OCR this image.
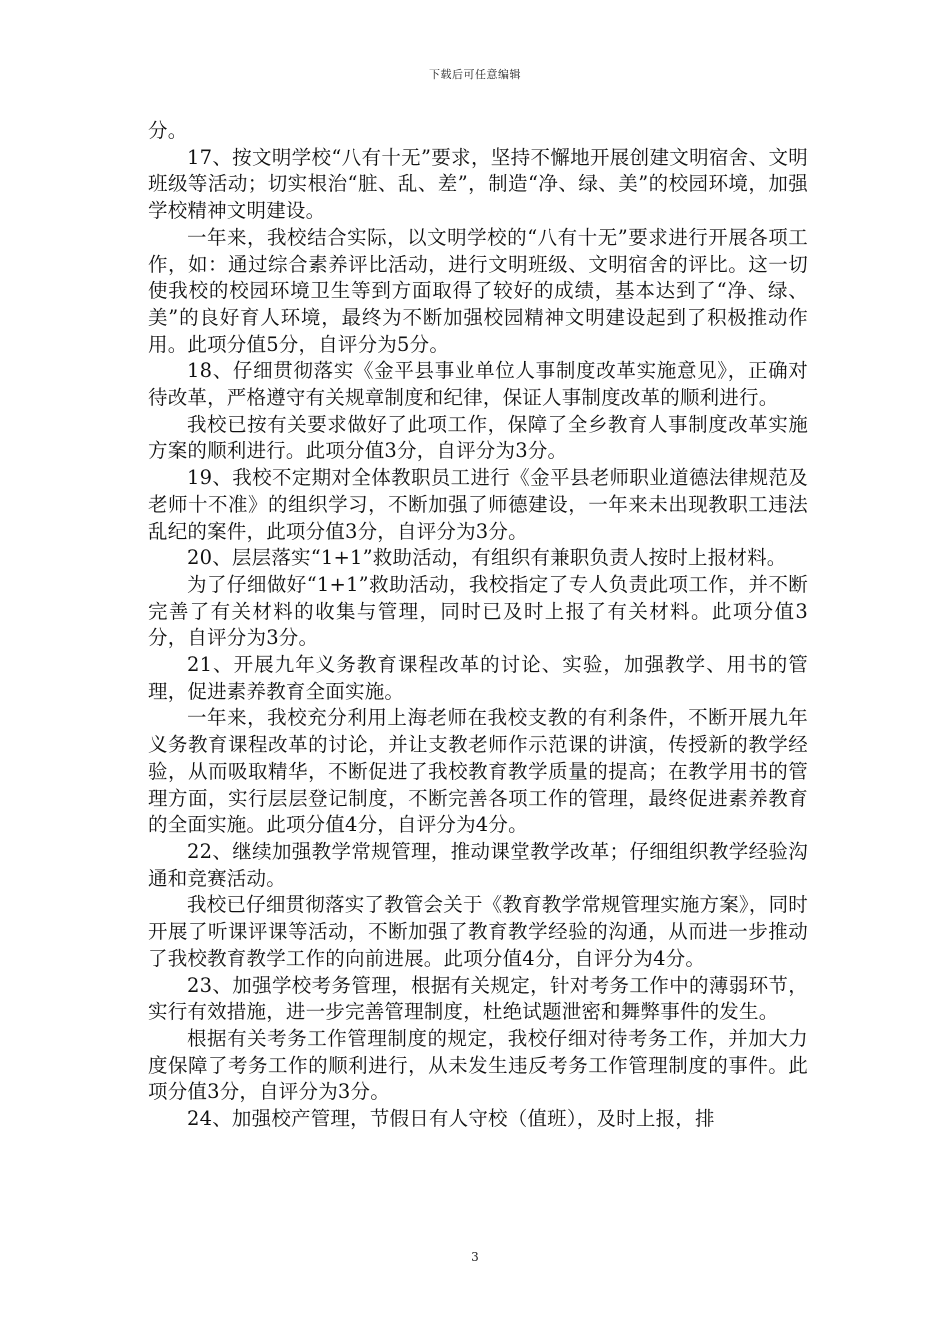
下载后可任意编辑

分。

17、按文明学校“八有十无”要求，坚持不懈地开展创建文明宿舍、文明班级等活动；切实根治“脏、乱、差”，制造“净、绿、美”的校园环境，加强学校精神文明建设。

一年来，我校结合实际，以文明学校的“八有十无”要求进行开展各项工作，如：通过综合素养评比活动，进行文明班级、文明宿舍的评比。这一切使我校的校园环境卫生等到方面取得了较好的成绩，基本达到了“净、绿、美”的良好育人环境，最终为不断加强校园精神文明建设起到了积极推动作用。此项分值5分，自评分为5分。

18、仔细贯彻落实《金平县事业单位人事制度改革实施意见》，正确对待改革，严格遵守有关规章制度和纪律，保证人事制度改革的顺利进行。

我校已按有关要求做好了此项工作，保障了全乡教育人事制度改革实施方案的顺利进行。此项分值3分，自评分为3分。

19、我校不定期对全体教职员工进行《金平县老师职业道德法律规范及老师十不准》的组织学习，不断加强了师德建设，一年来未出现教职工违法乱纪的案件，此项分值3分，自评分为3分。

20、层层落实“1+1”救助活动，有组织有兼职负责人按时上报材料。

为了仔细做好“1+1”救助活动，我校指定了专人负责此项工作，并不断完善了有关材料的收集与管理，同时已及时上报了有关材料。此项分值3分，自评分为3分。

21、开展九年义务教育课程改革的讨论、实验，加强教学、用书的管理，促进素养教育全面实施。

一年来，我校充分利用上海老师在我校支教的有利条件，不断开展九年义务教育课程改革的讨论，并让支教老师作示范课的讲演，传授新的教学经验，从而吸取精华，不断促进了我校教育教学质量的提高；在教学用书的管理方面，实行层层登记制度，不断完善各项工作的管理，最终促进素养教育的全面实施。此项分值4分，自评分为4分。

22、继续加强教学常规管理，推动课堂教学改革；仔细组织教学经验沟通和竞赛活动。

我校已仔细贯彻落实了教管会关于《教育教学常规管理实施方案》，同时开展了听课评课等活动，不断加强了教育教学经验的沟通，从而进一步推动了我校教育教学工作的向前进展。此项分值4分，自评分为4分。

23、加强学校考务管理，根据有关规定，针对考务工作中的薄弱环节，实行有效措施，进一步完善管理制度，杜绝试题泄密和舞弊事件的发生。

根据有关考务工作管理制度的规定，我校仔细对待考务工作，并加大力度保障了考务工作的顺利进行，从未发生违反考务工作管理制度的事件。此项分值3分，自评分为3分。

24、加强校产管理，节假日有人守校（值班），及时上报，排

3
